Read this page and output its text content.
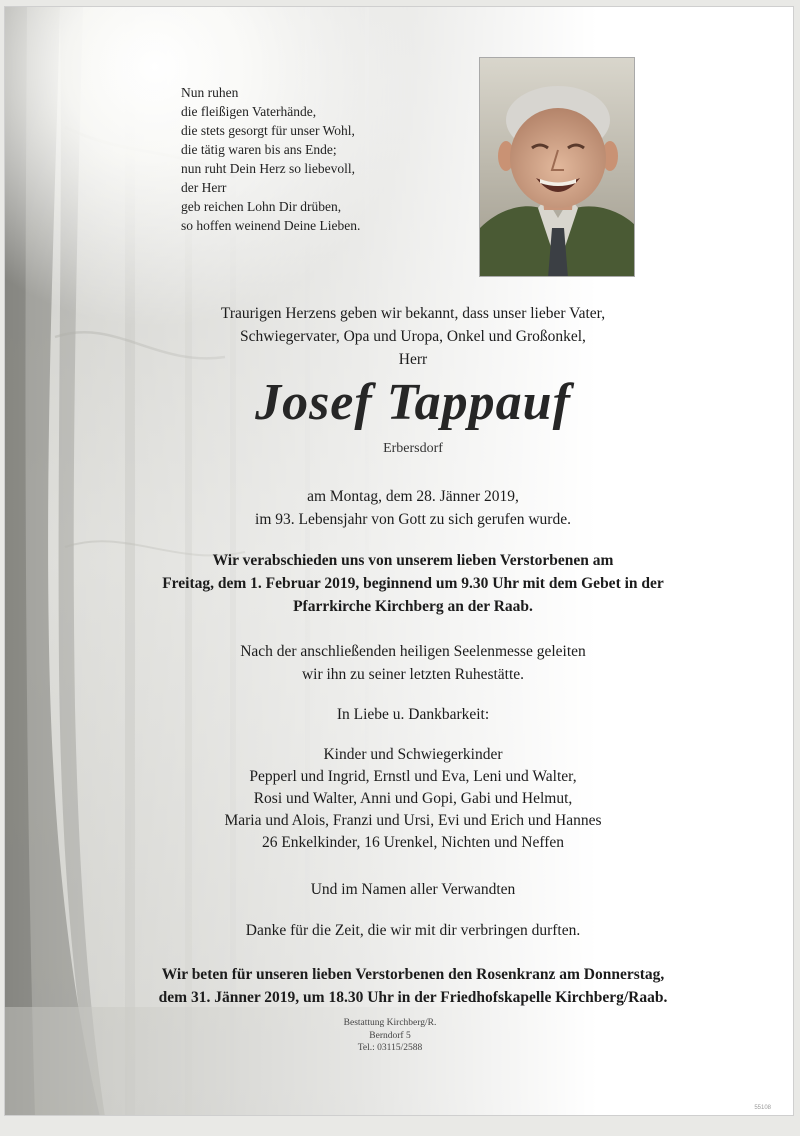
Nun ruhen
die fleißigen Vaterhände,
die stets gesorgt für unser Wohl,
die tätig waren bis ans Ende;
nun ruht Dein Herz so liebevoll,
der Herr
geb reichen Lohn Dir drüben,
so hoffen weinend Deine Lieben.
Traurigen Herzens geben wir bekannt, dass unser lieber Vater,
Schwiegervater, Opa und Uropa, Onkel und Großonkel,
Herr
Josef Tappauf
Erbersdorf
am Montag, dem 28. Jänner 2019,
im 93. Lebensjahr von Gott zu sich gerufen wurde.
Wir verabschieden uns von unserem lieben Verstorbenen am
Freitag, dem 1. Februar 2019, beginnend um 9.30 Uhr mit dem Gebet in der
Pfarrkirche Kirchberg an der Raab.
Nach der anschließenden heiligen Seelenmesse geleiten
wir ihn zu seiner letzten Ruhestätte.
In Liebe u. Dankbarkeit:
Kinder und Schwiegerkinder
Pepperl und Ingrid, Ernstl und Eva, Leni und Walter,
Rosi und Walter, Anni und Gopi, Gabi und Helmut,
Maria und Alois, Franzi und Ursi, Evi und Erich und Hannes
26 Enkelkinder, 16 Urenkel, Nichten und Neffen
Und im Namen aller Verwandten
Danke für die Zeit, die wir mit dir verbringen durften.
Wir beten für unseren lieben Verstorbenen den Rosenkranz am Donnerstag,
dem 31. Jänner 2019, um 18.30 Uhr in der Friedhofskapelle Kirchberg/Raab.
Bestattung Kirchberg/R.
Berndorf 5
Tel.: 03115/2588
55108
